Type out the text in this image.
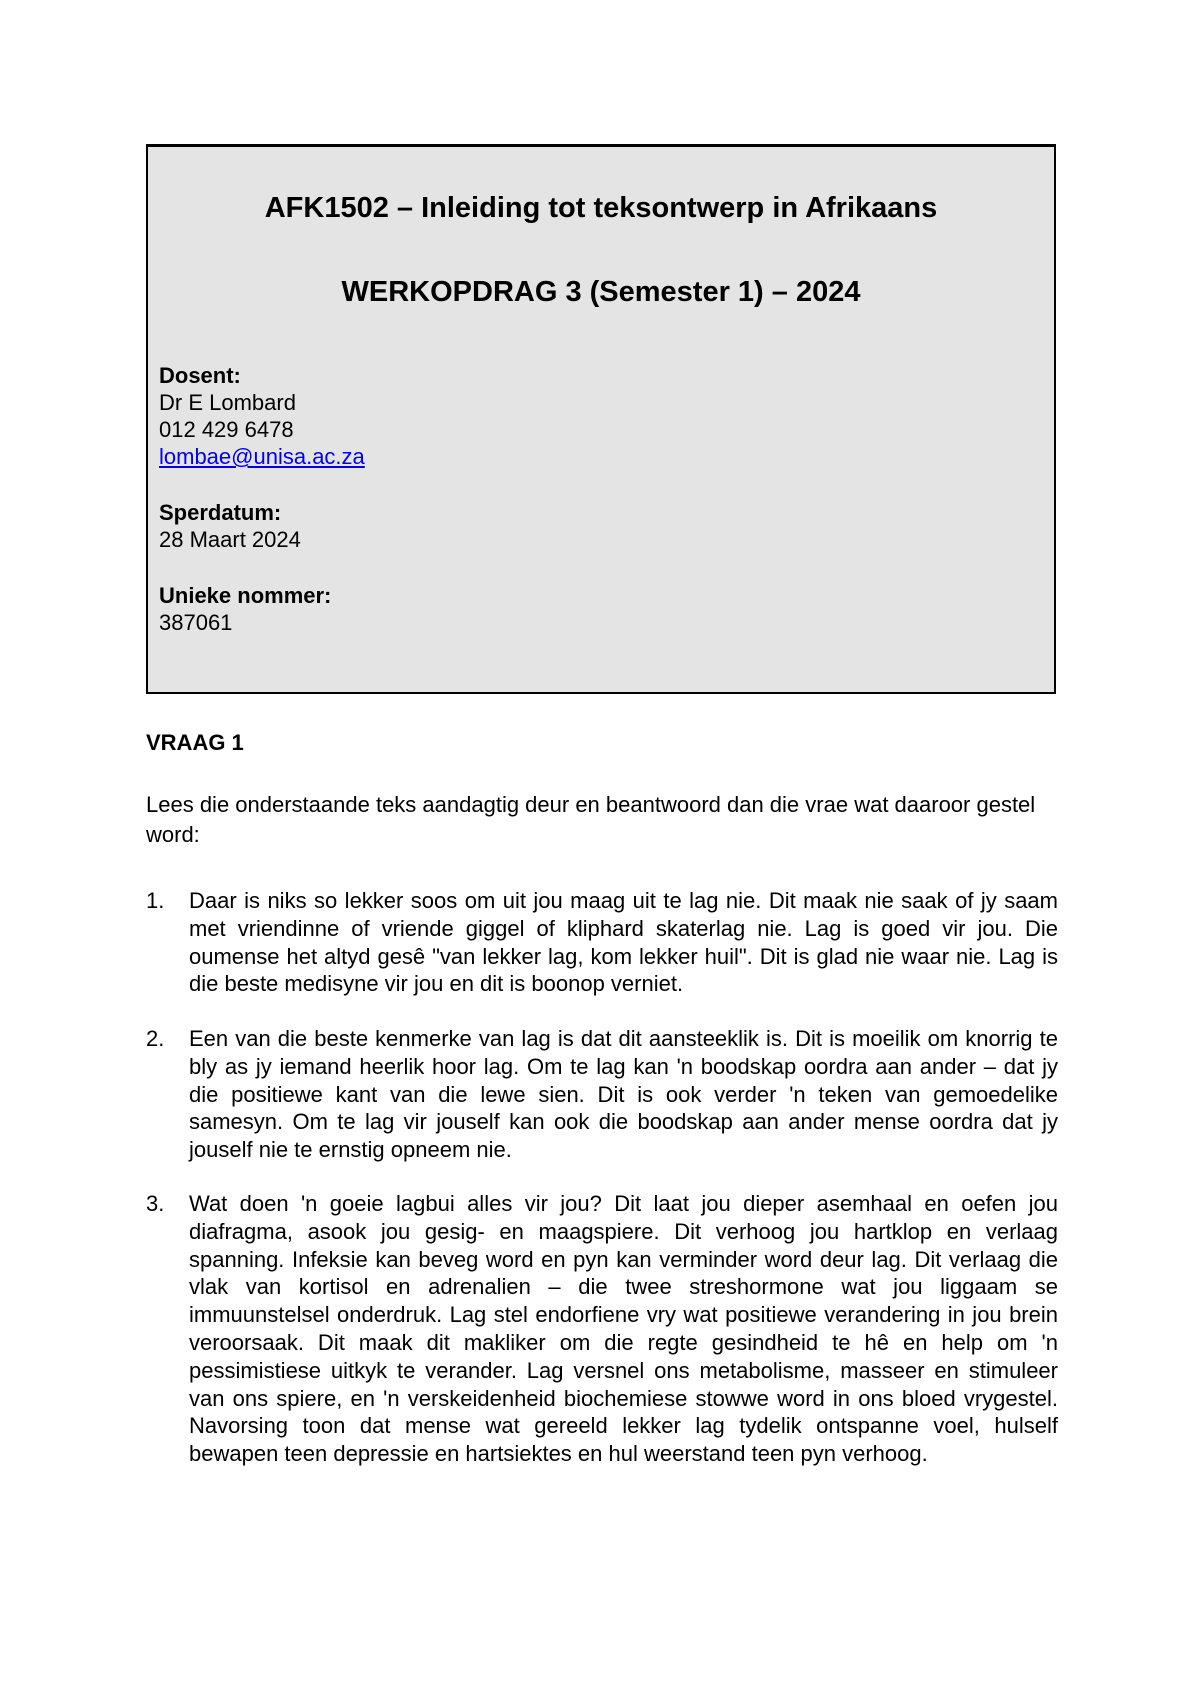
AFK1502 – Inleiding tot teksontwerp in Afrikaans
WERKOPDRAG 3 (Semester 1) – 2024
Dosent:
Dr E Lombard
012 429 6478
lombae@unisa.ac.za
Sperdatum:
28 Maart 2024
Unieke nommer:
387061
VRAAG 1

Lees die onderstaande teks aandagtig deur en beantwoord dan die vrae wat daaroor gestel word:

1. Daar is niks so lekker soos om uit jou maag uit te lag nie. Dit maak nie saak of jy saam met vriendinne of vriende giggel of kliphard skaterlag nie. Lag is goed vir jou. Die oumense het altyd gesê "van lekker lag, kom lekker huil". Dit is glad nie waar nie. Lag is die beste medisyne vir jou en dit is boonop verniet.

2. Een van die beste kenmerke van lag is dat dit aansteeklik is. Dit is moeilik om knorrig te bly as jy iemand heerlik hoor lag. Om te lag kan 'n boodskap oordra aan ander – dat jy die positiewe kant van die lewe sien. Dit is ook verder 'n teken van gemoedelike samesyn. Om te lag vir jouself kan ook die boodskap aan ander mense oordra dat jy jouself nie te ernstig opneem nie.

3. Wat doen 'n goeie lagbui alles vir jou? Dit laat jou dieper asemhaal en oefen jou diafragma, asook jou gesig- en maagspiere. Dit verhoog jou hartklop en verlaag spanning. Infeksie kan beveg word en pyn kan verminder word deur lag. Dit verlaag die vlak van kortisol en adrenalien – die twee streshormone wat jou liggaam se immuunstelsel onderdruk. Lag stel endorfiene vry wat positiewe verandering in jou brein veroorsaak. Dit maak dit makliker om die regte gesindheid te hê en help om 'n pessimistiese uitkyk te verander. Lag versnel ons metabolisme, masseer en stimuleer van ons spiere, en 'n verskeidenheid biochemiese stowwe word in ons bloed vrygestel. Navorsing toon dat mense wat gereeld lekker lag tydelik ontspanne voel, hulself bewapen teen depressie en hartsiektes en hul weerstand teen pyn verhoog.
